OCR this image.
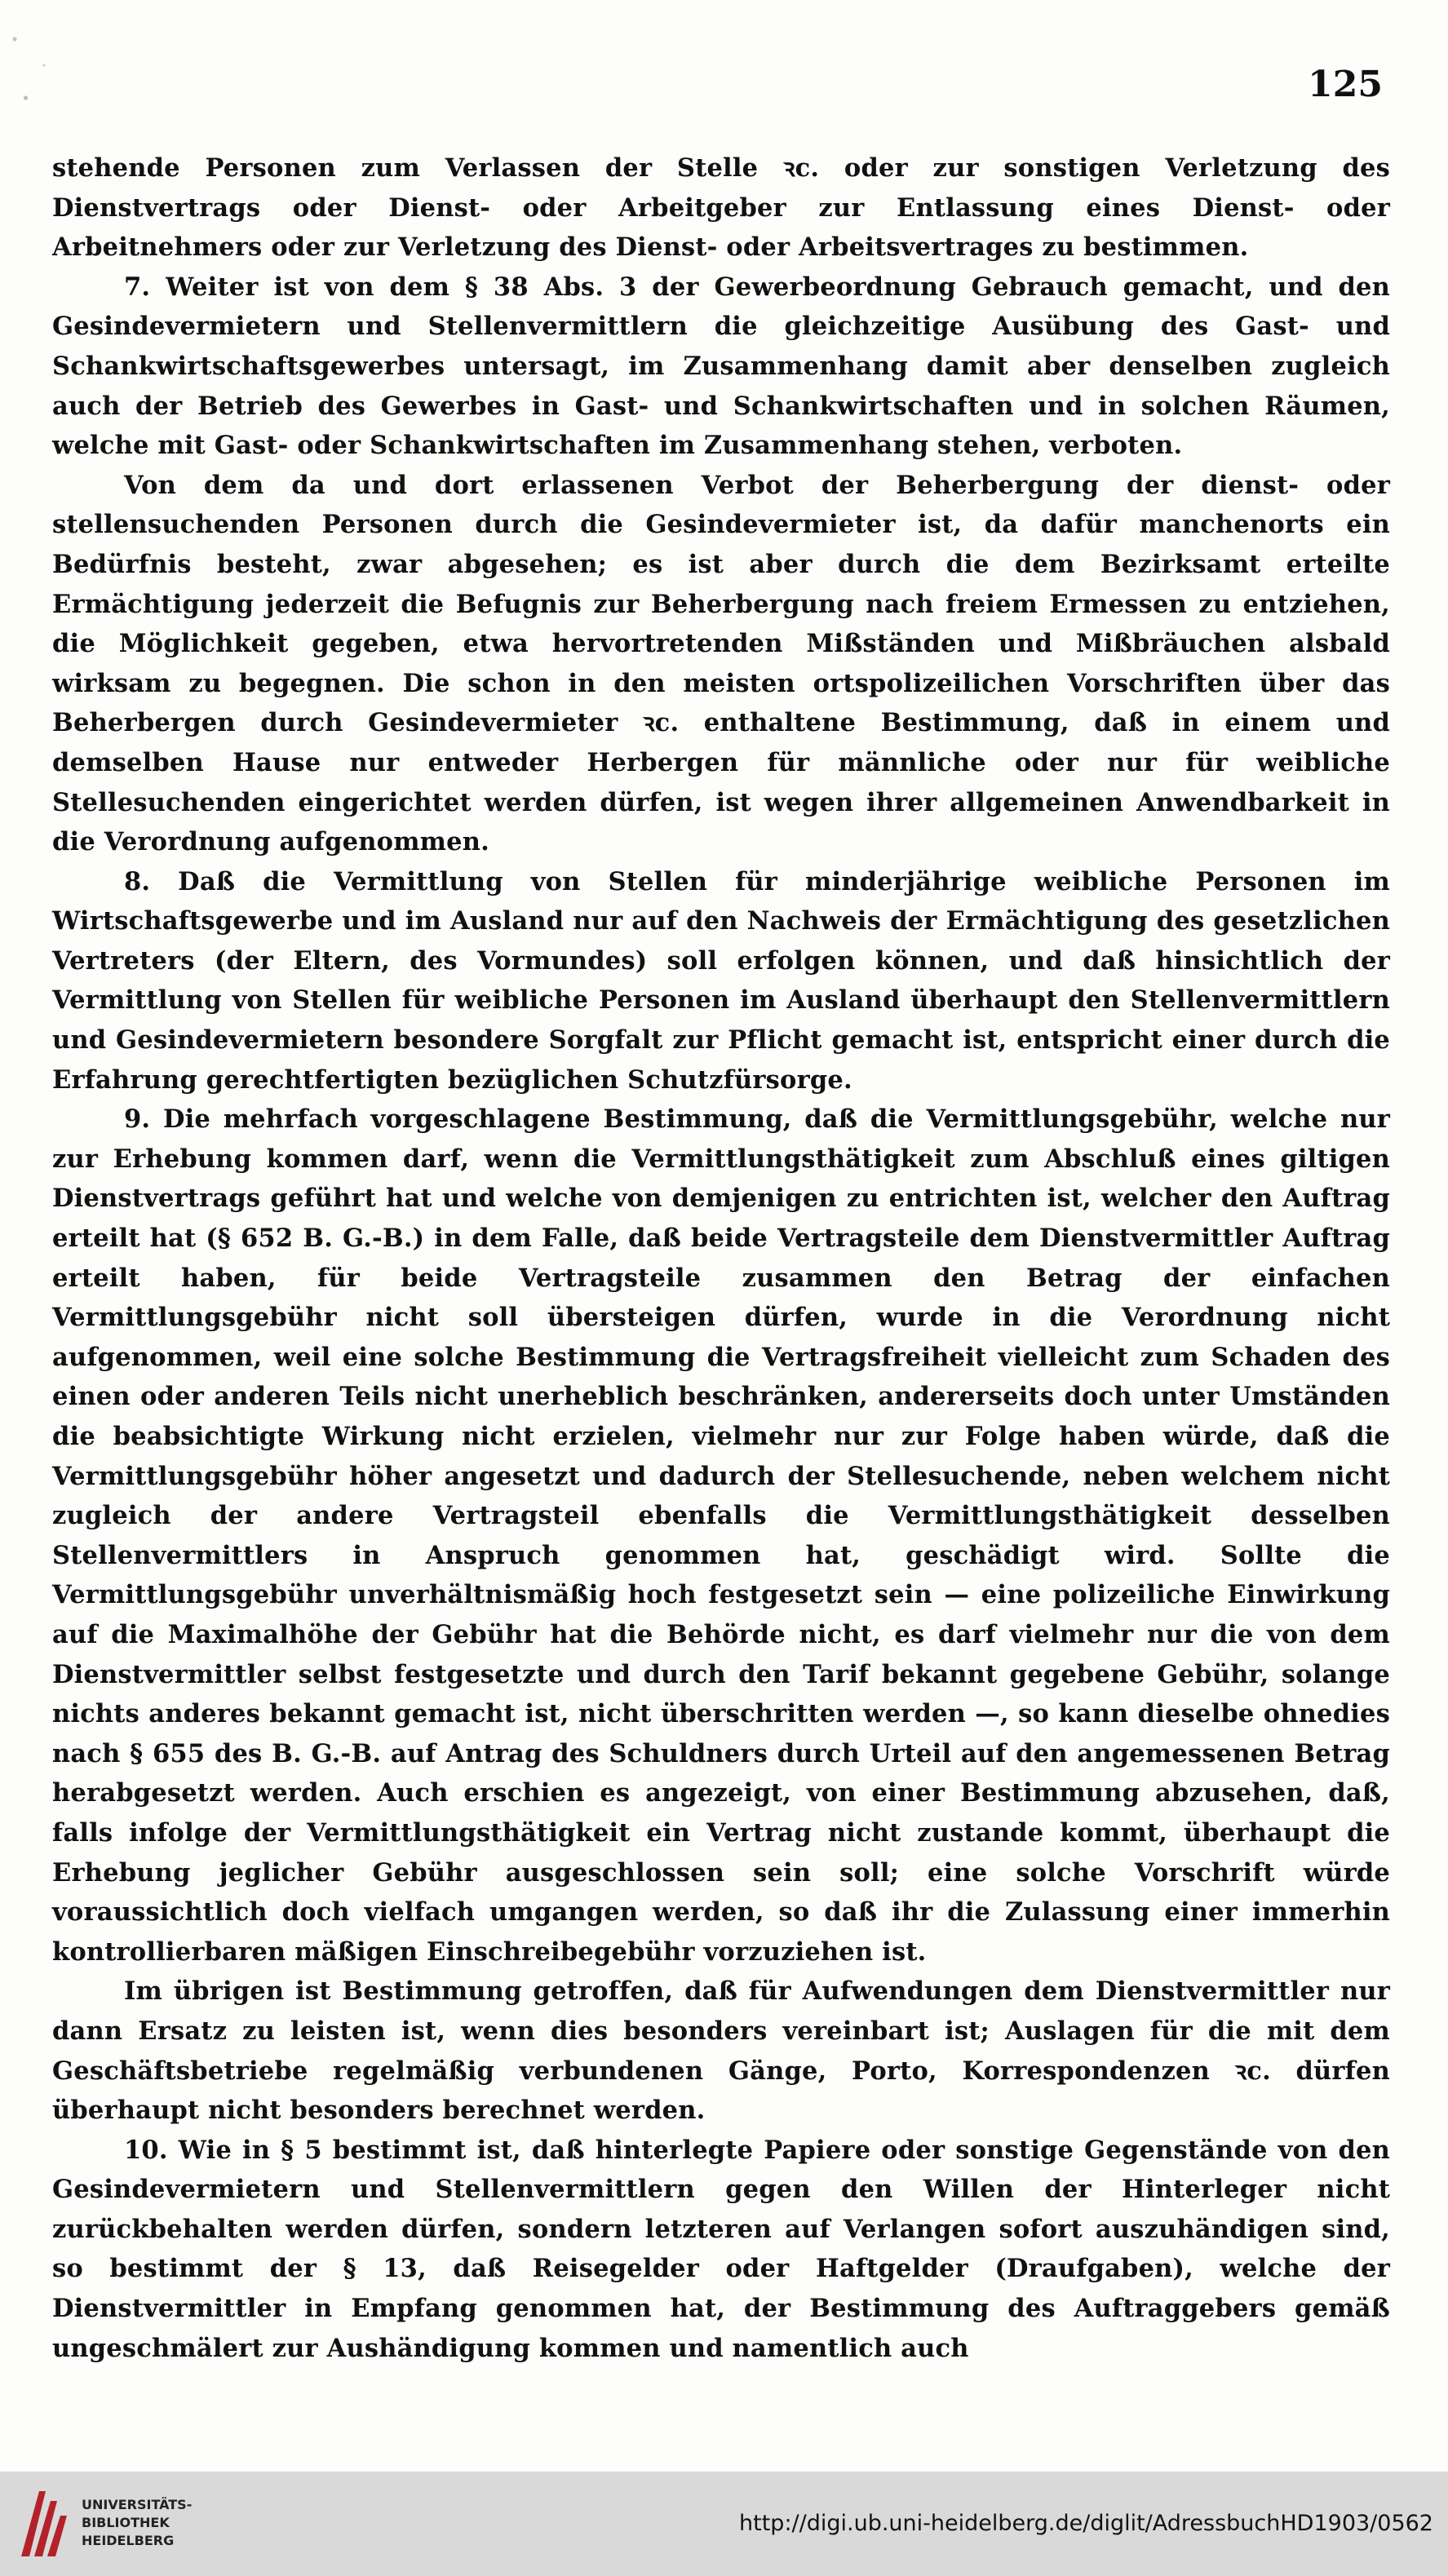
125

stehende Personen zum Verlassen der Stelle ꝛc. oder zur sonstigen Verletzung des Dienstvertrags oder Dienst- oder Arbeitgeber zur Entlassung eines Dienst- oder Arbeitnehmers oder zur Verletzung des Dienst- oder Arbeitsvertrages zu bestimmen.

7. Weiter ist von dem § 38 Abs. 3 der Gewerbeordnung Gebrauch gemacht, und den Gesindevermietern und Stellenvermittlern die gleichzeitige Ausübung des Gast- und Schankwirtschaftsgewerbes untersagt, im Zusammenhang damit aber denselben zugleich auch der Betrieb des Gewerbes in Gast- und Schankwirtschaften und in solchen Räumen, welche mit Gast- oder Schankwirtschaften im Zusammenhang stehen, verboten.

Von dem da und dort erlassenen Verbot der Beherbergung der dienst- oder stellensuchenden Personen durch die Gesindevermieter ist, da dafür manchenorts ein Bedürfnis besteht, zwar abgesehen; es ist aber durch die dem Bezirksamt erteilte Ermächtigung jederzeit die Befugnis zur Beherbergung nach freiem Ermessen zu entziehen, die Möglichkeit gegeben, etwa hervortretenden Mißständen und Mißbräuchen alsbald wirksam zu begegnen. Die schon in den meisten ortspolizeilichen Vorschriften über das Beherbergen durch Gesindevermieter ꝛc. enthaltene Bestimmung, daß in einem und demselben Hause nur entweder Herbergen für männliche oder nur für weibliche Stellesuchenden eingerichtet werden dürfen, ist wegen ihrer allgemeinen Anwendbarkeit in die Verordnung aufgenommen.

8. Daß die Vermittlung von Stellen für minderjährige weibliche Personen im Wirtschaftsgewerbe und im Ausland nur auf den Nachweis der Ermächtigung des gesetzlichen Vertreters (der Eltern, des Vormundes) soll erfolgen können, und daß hinsichtlich der Vermittlung von Stellen für weibliche Personen im Ausland überhaupt den Stellenvermittlern und Gesindevermietern besondere Sorgfalt zur Pflicht gemacht ist, entspricht einer durch die Erfahrung gerechtfertigten bezüglichen Schutzfürsorge.

9. Die mehrfach vorgeschlagene Bestimmung, daß die Vermittlungsgebühr, welche nur zur Erhebung kommen darf, wenn die Vermittlungsthätigkeit zum Abschluß eines giltigen Dienstvertrags geführt hat und welche von demjenigen zu entrichten ist, welcher den Auftrag erteilt hat (§ 652 B. G.-B.) in dem Falle, daß beide Vertragsteile dem Dienstvermittler Auftrag erteilt haben, für beide Vertragsteile zusammen den Betrag der einfachen Vermittlungsgebühr nicht soll übersteigen dürfen, wurde in die Verordnung nicht aufgenommen, weil eine solche Bestimmung die Vertragsfreiheit vielleicht zum Schaden des einen oder anderen Teils nicht unerheblich beschränken, andererseits doch unter Umständen die beabsichtigte Wirkung nicht erzielen, vielmehr nur zur Folge haben würde, daß die Vermittlungsgebühr höher angesetzt und dadurch der Stellesuchende, neben welchem nicht zugleich der andere Vertragsteil ebenfalls die Vermittlungsthätigkeit desselben Stellenvermittlers in Anspruch genommen hat, geschädigt wird. Sollte die Vermittlungsgebühr unverhältnismäßig hoch festgesetzt sein — eine polizeiliche Einwirkung auf die Maximalhöhe der Gebühr hat die Behörde nicht, es darf vielmehr nur die von dem Dienstvermittler selbst festgesetzte und durch den Tarif bekannt gegebene Gebühr, solange nichts anderes bekannt gemacht ist, nicht überschritten werden —, so kann dieselbe ohnedies nach § 655 des B. G.-B. auf Antrag des Schuldners durch Urteil auf den angemessenen Betrag herabgesetzt werden. Auch erschien es angezeigt, von einer Bestimmung abzusehen, daß, falls infolge der Vermittlungsthätigkeit ein Vertrag nicht zustande kommt, überhaupt die Erhebung jeglicher Gebühr ausgeschlossen sein soll; eine solche Vorschrift würde voraussichtlich doch vielfach umgangen werden, so daß ihr die Zulassung einer immerhin kontrollierbaren mäßigen Einschreibegebühr vorzuziehen ist.

Im übrigen ist Bestimmung getroffen, daß für Aufwendungen dem Dienstvermittler nur dann Ersatz zu leisten ist, wenn dies besonders vereinbart ist; Auslagen für die mit dem Geschäftsbetriebe regelmäßig verbundenen Gänge, Porto, Korrespondenzen ꝛc. dürfen überhaupt nicht besonders berechnet werden.

10. Wie in § 5 bestimmt ist, daß hinterlegte Papiere oder sonstige Gegenstände von den Gesindevermietern und Stellenvermittlern gegen den Willen der Hinterleger nicht zurückbehalten werden dürfen, sondern letzteren auf Verlangen sofort auszuhändigen sind, so bestimmt der § 13, daß Reisegelder oder Haftgelder (Draufgaben), welche der Dienstvermittler in Empfang genommen hat, der Bestimmung des Auftraggebers gemäß ungeschmälert zur Aushändigung kommen und namentlich auch

UNIVERSITÄTS-
BIBLIOTHEK
HEIDELBERG
http://digi.ub.uni-heidelberg.de/diglit/AdressbuchHD1903/0562
